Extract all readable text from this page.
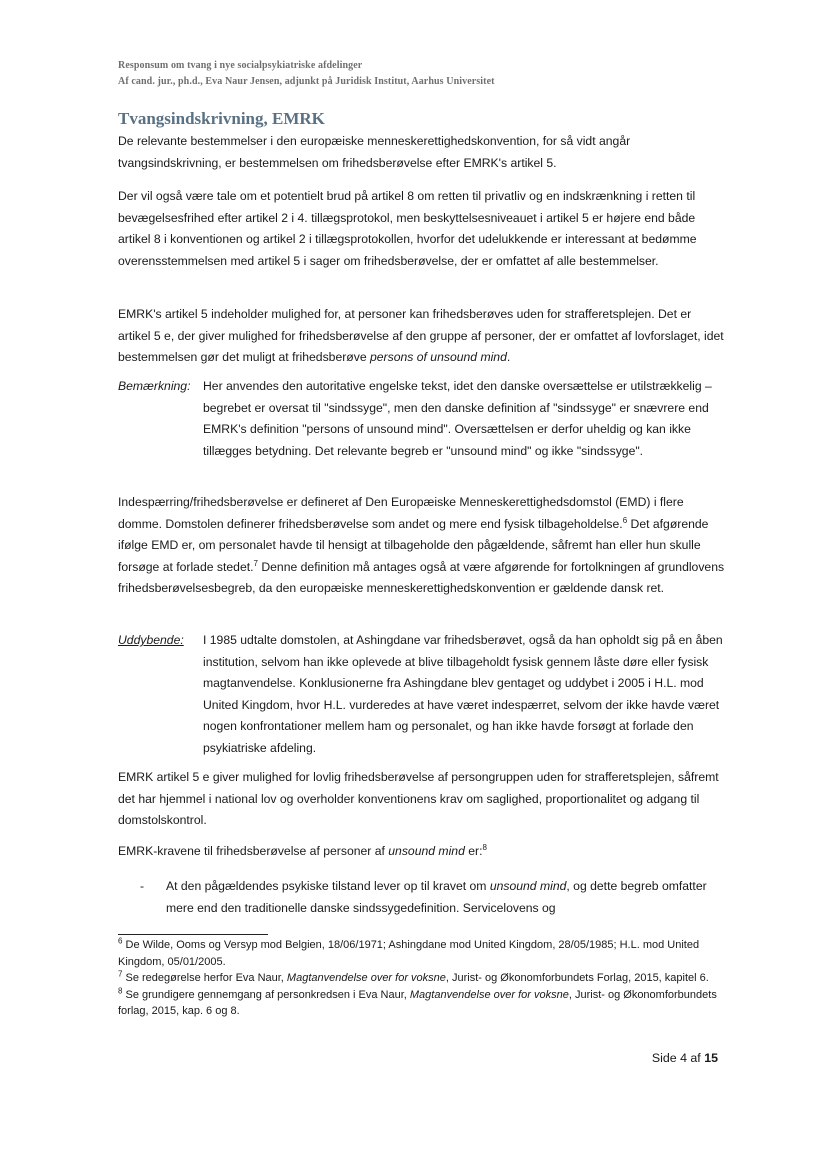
Responsum om tvang i nye socialpsykiatriske afdelinger
Af cand. jur., ph.d., Eva Naur Jensen, adjunkt på Juridisk Institut, Aarhus Universitet
Tvangsindskrivning, EMRK

De relevante bestemmelser i den europæiske menneskerettighedskonvention, for så vidt angår tvangsindskrivning, er bestemmelsen om frihedsberøvelse efter EMRK's artikel 5.

Der vil også være tale om et potentielt brud på artikel 8 om retten til privatliv og en indskrænkning i retten til bevægelsesfrihed efter artikel 2 i 4. tillægsprotokol, men beskyttelsesniveauet i artikel 5 er højere end både artikel 8 i konventionen og artikel 2 i tillægsprotokollen, hvorfor det udelukkende er interessant at bedømme overensstemmelsen med artikel 5 i sager om frihedsberøvelse, der er omfattet af alle bestemmelser.

EMRK's artikel 5 indeholder mulighed for, at personer kan frihedsberøves uden for strafferetsplejen. Det er artikel 5 e, der giver mulighed for frihedsberøvelse af den gruppe af personer, der er omfattet af lovforslaget, idet bestemmelsen gør det muligt at frihedsberøve persons of unsound mind.

Bemærkning: Her anvendes den autoritative engelske tekst, idet den danske oversættelse er utilstrækkelig – begrebet er oversat til "sindssyge", men den danske definition af "sindssyge" er snævrere end EMRK's definition "persons of unsound mind". Oversættelsen er derfor uheldig og kan ikke tillægges betydning. Det relevante begreb er "unsound mind" og ikke "sindssyge".

Indespærring/frihedsberøvelse er defineret af Den Europæiske Menneskerettighedsdomstol (EMD) i flere domme. Domstolen definerer frihedsberøvelse som andet og mere end fysisk tilbageholdelse.$^6$ Det afgørende ifølge EMD er, om personalet havde til hensigt at tilbageholde den pågældende, såfremt han eller hun skulle forsøge at forlade stedet.$^7$ Denne definition må antages også at være afgørende for fortolkningen af grundlovens frihedsberøvelsesbegreb, da den europæiske menneskerettighedskonvention er gældende dansk ret.

Uddybende: I 1985 udtalte domstolen, at Ashingdane var frihedsberøvet, også da han opholdt sig på en åben institution, selvom han ikke oplevede at blive tilbageholdt fysisk gennem låste døre eller fysisk magtanvendelse. Konklusionerne fra Ashingdane blev gentaget og uddybet i 2005 i H.L. mod United Kingdom, hvor H.L. vurderedes at have været indespærret, selvom der ikke havde været nogen konfrontationer mellem ham og personalet, og han ikke havde forsøgt at forlade den psykiatriske afdeling.

EMRK artikel 5 e giver mulighed for lovlig frihedsberøvelse af persongruppen uden for strafferetsplejen, såfremt det har hjemmel i national lov og overholder konventionens krav om saglighed, proportionalitet og adgang til domstolskontrol.

EMRK-kravene til frihedsberøvelse af personer af unsound mind er:$^8$

- At den pågældendes psykiske tilstand lever op til kravet om unsound mind, og dette begreb omfatter mere end den traditionelle danske sindssygedefinition. Servicelovens og

$^6$ De Wilde, Ooms og Versyp mod Belgien, 18/06/1971; Ashingdane mod United Kingdom, 28/05/1985; H.L. mod United Kingdom, 05/01/2005.

$^7$ Se redegørelse herfor Eva Naur, Magtanvendelse over for voksne, Jurist- og Økonomforbundets Forlag, 2015, kapitel 6.

$^8$ Se grundigere gennemgang af personkredsen i Eva Naur, Magtanvendelse over for voksne, Jurist- og Økonomforbundets forlag, 2015, kap. 6 og 8.

Side 4 af 15
